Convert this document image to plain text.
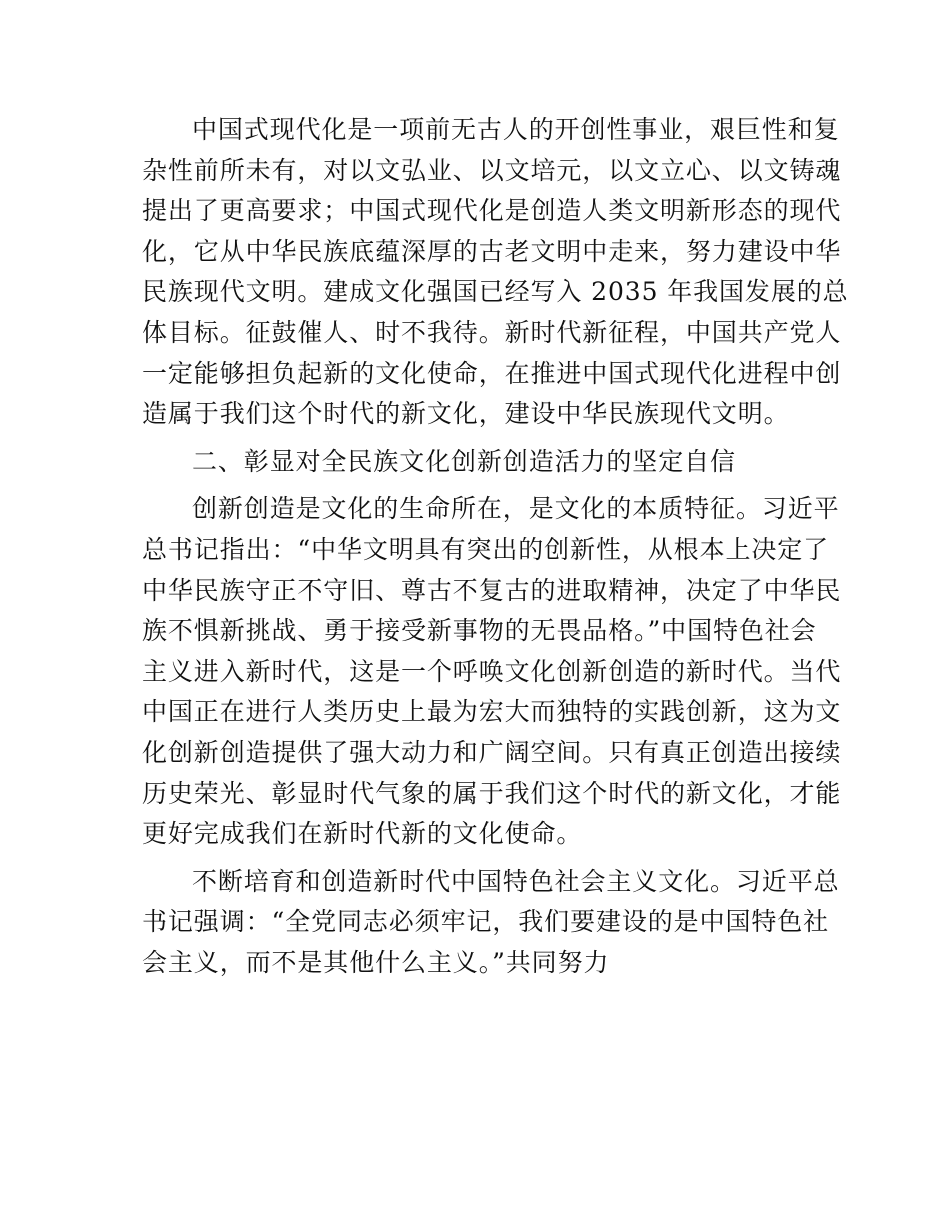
中国式现代化是一项前无古人的开创性事业，艰巨性和复
杂性前所未有，对以文弘业、以文培元，以文立心、以文铸魂
提出了更高要求；中国式现代化是创造人类文明新形态的现代
化，它从中华民族底蕴深厚的古老文明中走来，努力建设中华
民族现代文明。建成文化强国已经写入 2035 年我国发展的总
体目标。征鼓催人、时不我待。新时代新征程，中国共产党人
一定能够担负起新的文化使命，在推进中国式现代化进程中创
造属于我们这个时代的新文化，建设中华民族现代文明。
二、彰显对全民族文化创新创造活力的坚定自信
创新创造是文化的生命所在，是文化的本质特征。习近平
总书记指出：“中华文明具有突出的创新性，从根本上决定了
中华民族守正不守旧、尊古不复古的进取精神，决定了中华民
族不惧新挑战、勇于接受新事物的无畏品格。”中国特色社会
主义进入新时代，这是一个呼唤文化创新创造的新时代。当代
中国正在进行人类历史上最为宏大而独特的实践创新，这为文
化创新创造提供了强大动力和广阔空间。只有真正创造出接续
历史荣光、彰显时代气象的属于我们这个时代的新文化，才能
更好完成我们在新时代新的文化使命。
不断培育和创造新时代中国特色社会主义文化。习近平总
书记强调：“全党同志必须牢记，我们要建设的是中国特色社
会主义，而不是其他什么主义。”共同努力
